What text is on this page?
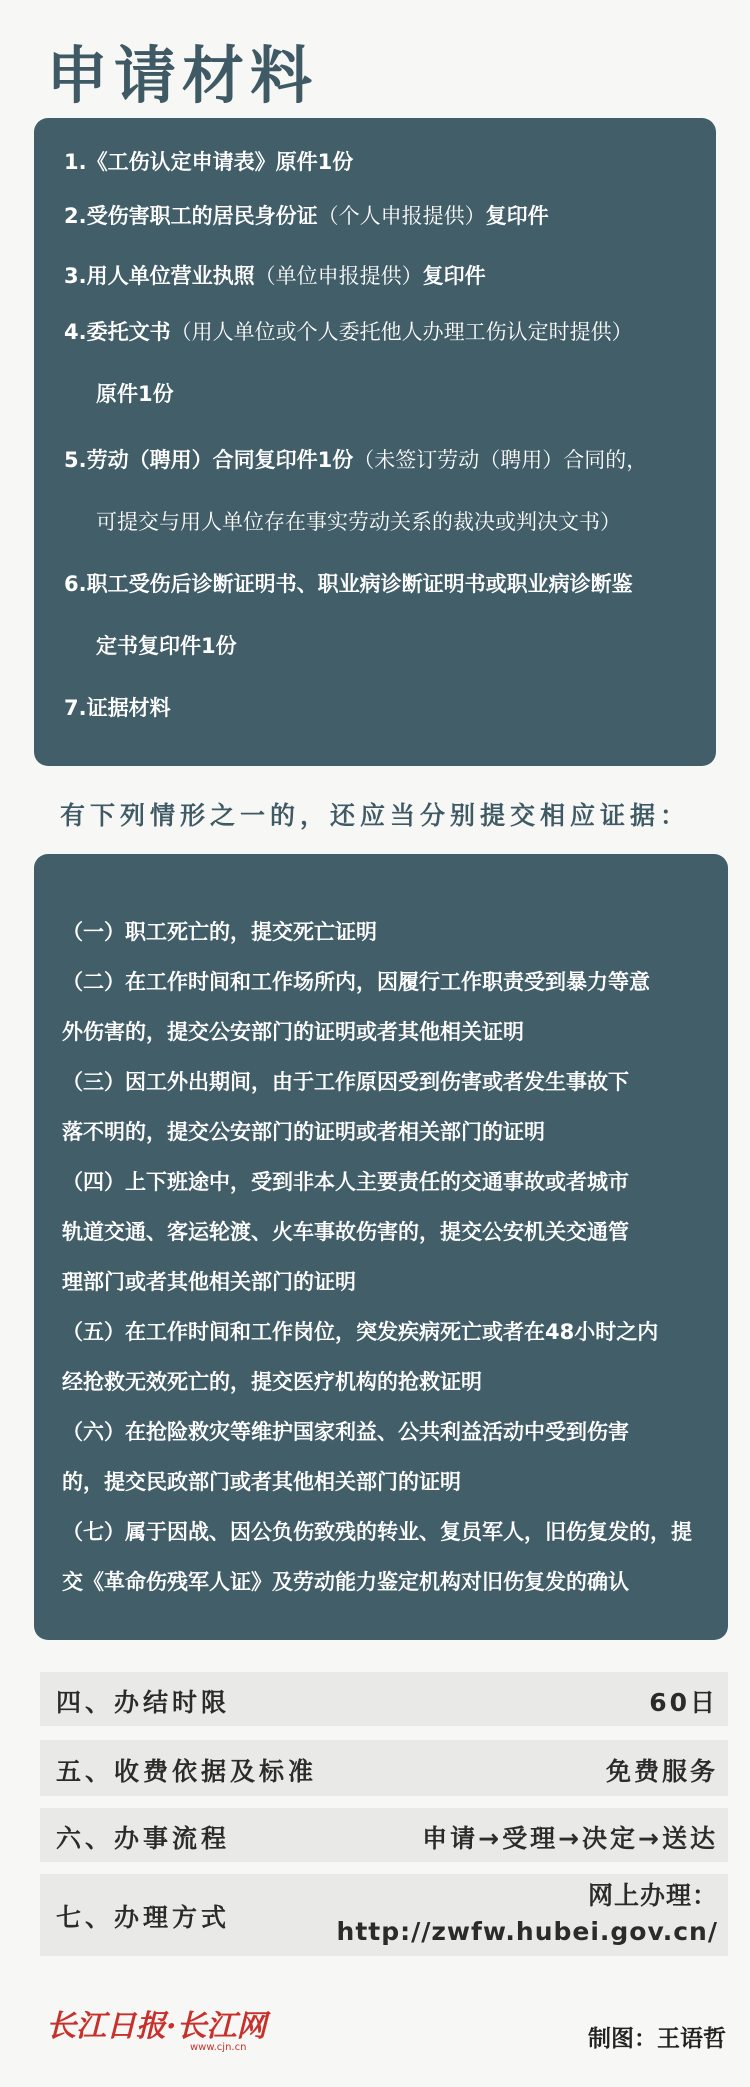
申请材料
1.《工伤认定申请表》原件1份
2.受伤害职工的居民身份证（个人申报提供）复印件
3.用人单位营业执照（单位申报提供）复印件
4.委托文书（用人单位或个人委托他人办理工伤认定时提供）
原件1份
5.劳动（聘用）合同复印件1份（未签订劳动（聘用）合同的，
可提交与用人单位存在事实劳动关系的裁决或判决文书）
6.职工受伤后诊断证明书、职业病诊断证明书或职业病诊断鉴
定书复印件1份
7.证据材料
有下列情形之一的，还应当分别提交相应证据：
（一）职工死亡的，提交死亡证明
（二）在工作时间和工作场所内，因履行工作职责受到暴力等意
外伤害的，提交公安部门的证明或者其他相关证明
（三）因工外出期间，由于工作原因受到伤害或者发生事故下
落不明的，提交公安部门的证明或者相关部门的证明
（四）上下班途中，受到非本人主要责任的交通事故或者城市
轨道交通、客运轮渡、火车事故伤害的，提交公安机关交通管
理部门或者其他相关部门的证明
（五）在工作时间和工作岗位，突发疾病死亡或者在48小时之内
经抢救无效死亡的，提交医疗机构的抢救证明
（六）在抢险救灾等维护国家利益、公共利益活动中受到伤害
的，提交民政部门或者其他相关部门的证明
（七）属于因战、因公负伤致残的转业、复员军人，旧伤复发的，提
交《革命伤残军人证》及劳动能力鉴定机构对旧伤复发的确认
四、办结时限	60日
五、收费依据及标准	免费服务
六、办事流程	申请→受理→决定→送达
七、办理方式
网上办理：
http://zwfw.hubei.gov.cn/
长江日报·长江网
www.cjn.cn	制图：王语哲
